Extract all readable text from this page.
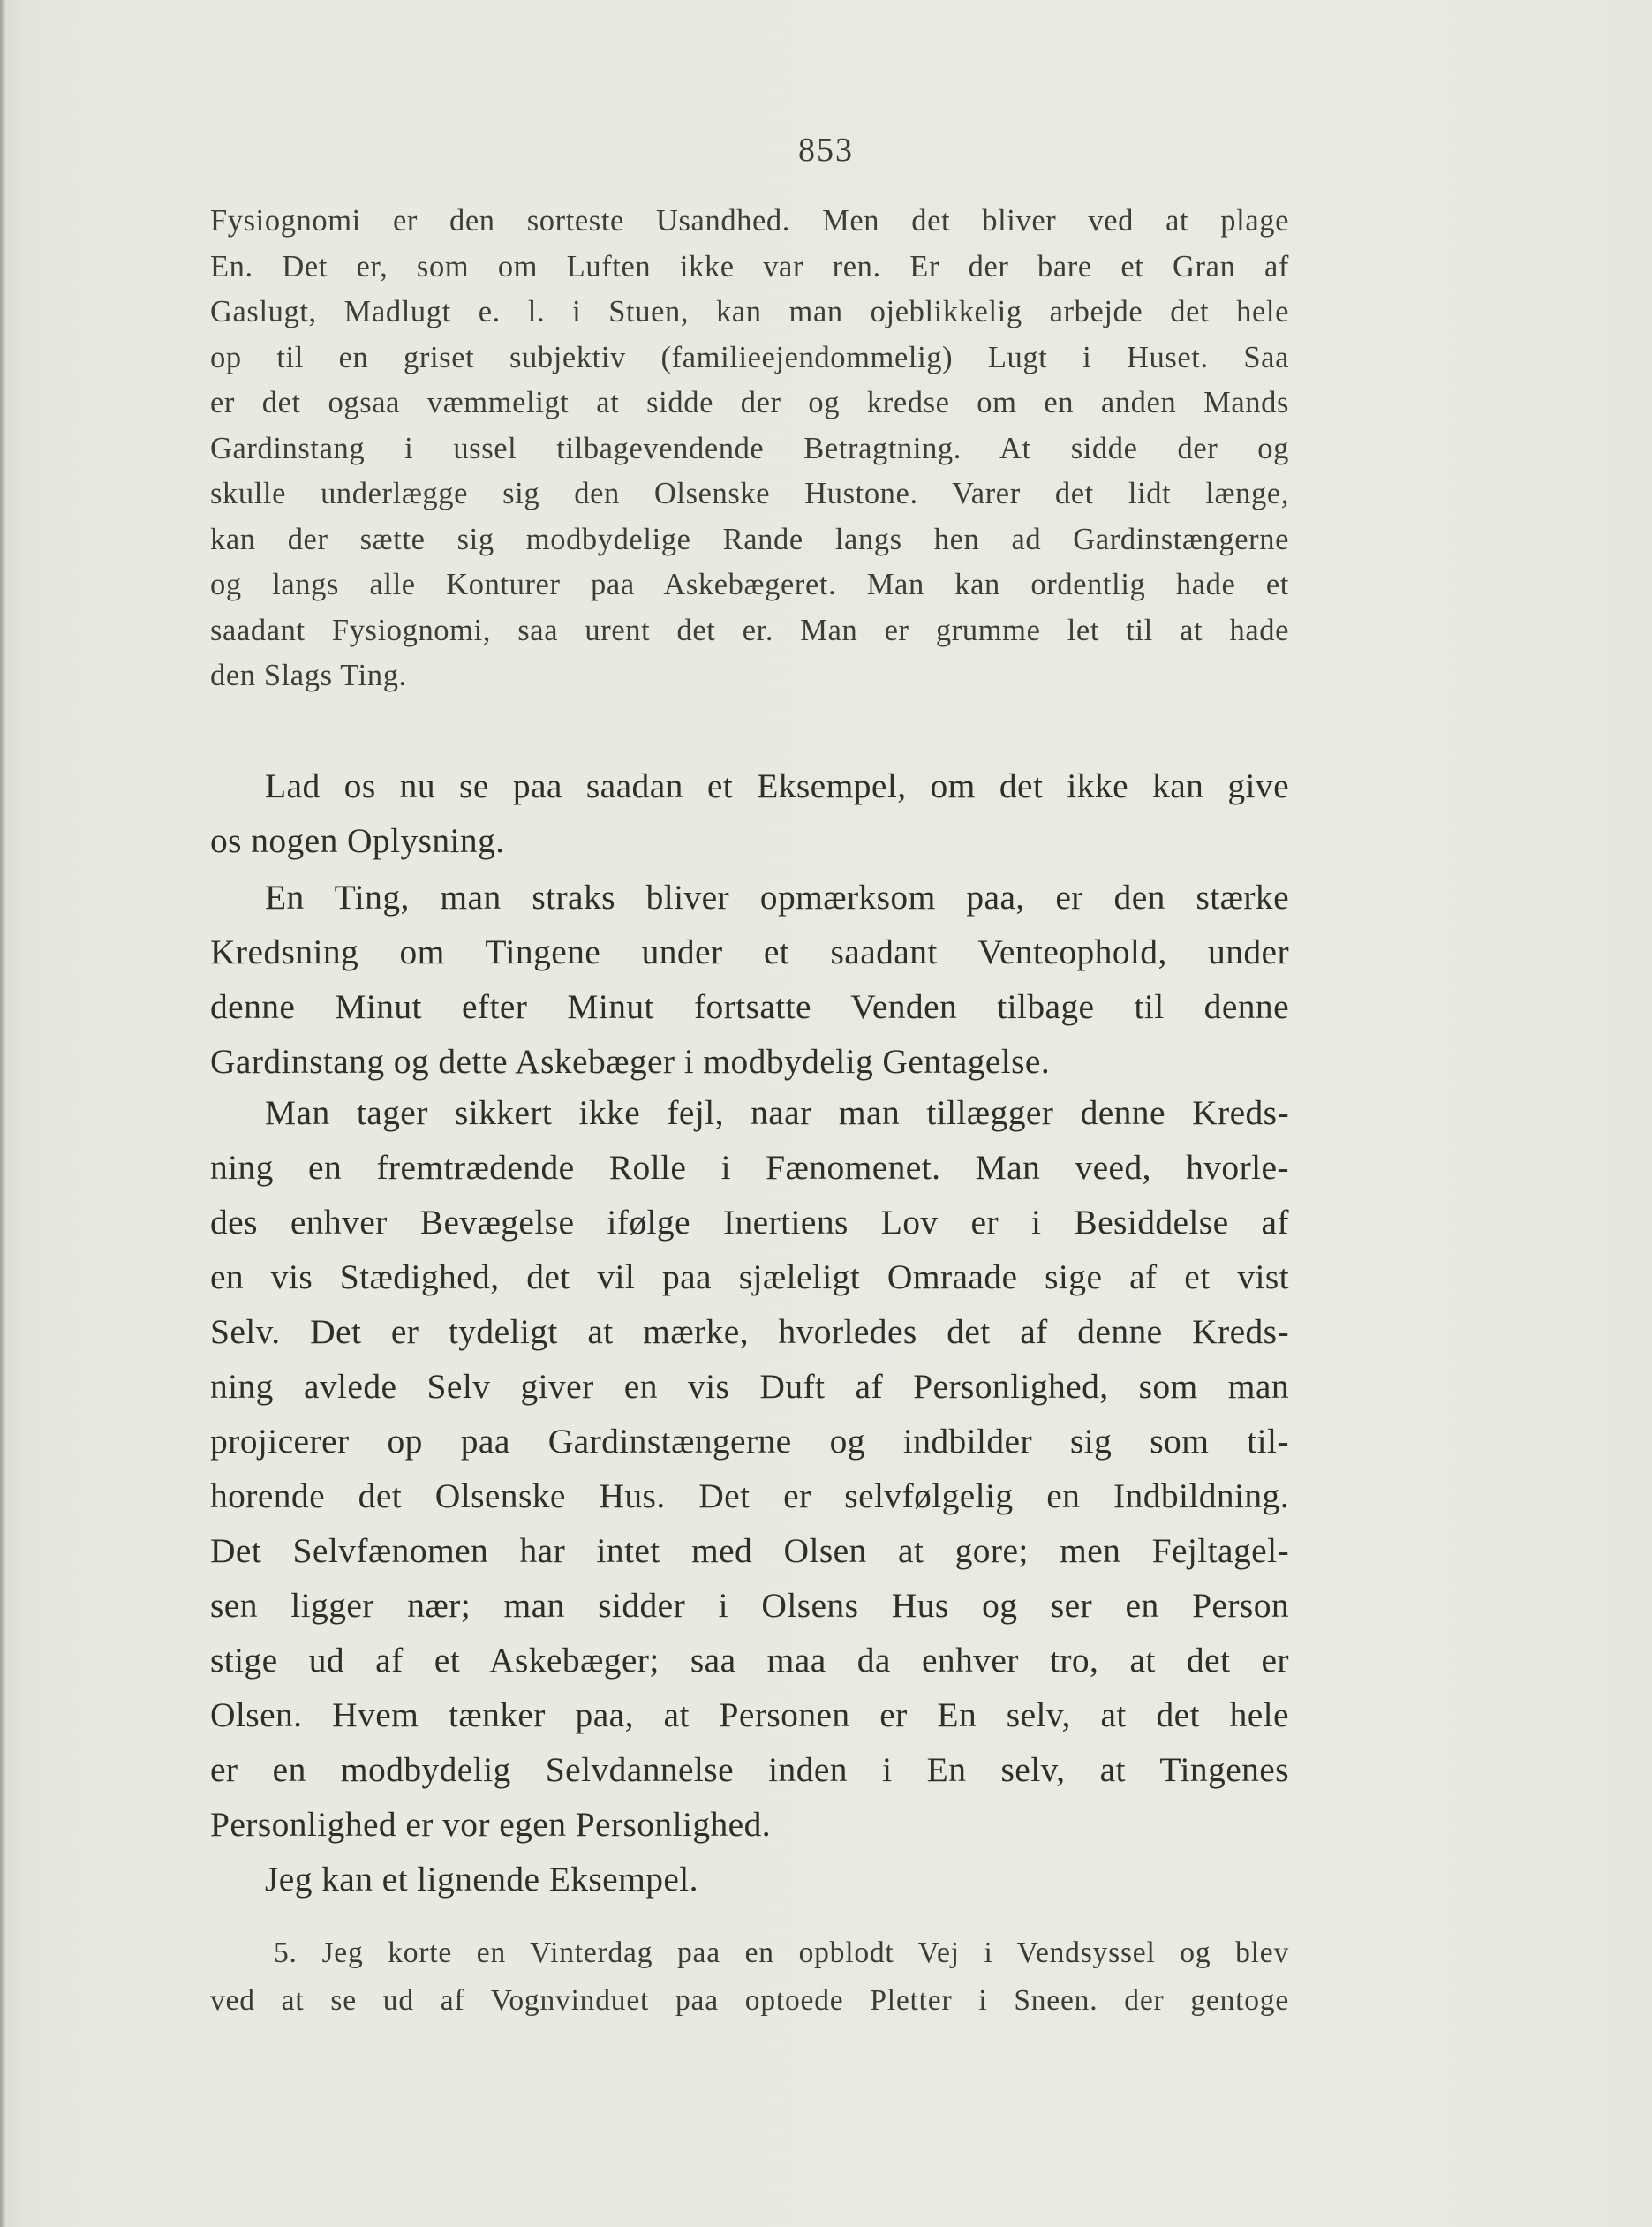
853
Fysiognomi er den sorteste Usandhed. Men det bliver ved at plage
En. Det er, som om Luften ikke var ren. Er der bare et Gran af
Gaslugt, Madlugt e. l. i Stuen, kan man ojeblikkelig arbejde det hele
op til en griset subjektiv (familieejendommelig) Lugt i Huset. Saa
er det ogsaa væmmeligt at sidde der og kredse om en anden Mands
Gardinstang i ussel tilbagevendende Betragtning. At sidde der og
skulle underlægge sig den Olsenske Hustone. Varer det lidt længe,
kan der sætte sig modbydelige Rande langs hen ad Gardinstængerne
og langs alle Konturer paa Askebægeret. Man kan ordentlig hade et
saadant Fysiognomi, saa urent det er. Man er grumme let til at hade
den Slags Ting.
Lad os nu se paa saadan et Eksempel, om det ikke kan give
os nogen Oplysning.
En Ting, man straks bliver opmærksom paa, er den stærke
Kredsning om Tingene under et saadant Venteophold, under
denne Minut efter Minut fortsatte Venden tilbage til denne
Gardinstang og dette Askebæger i modbydelig Gentagelse.
Man tager sikkert ikke fejl, naar man tillægger denne Kreds-
ning en fremtrædende Rolle i Fænomenet. Man veed, hvorle-
des enhver Bevægelse ifølge Inertiens Lov er i Besiddelse af
en vis Stædighed, det vil paa sjæleligt Omraade sige af et vist
Selv. Det er tydeligt at mærke, hvorledes det af denne Kreds-
ning avlede Selv giver en vis Duft af Personlighed, som man
projicerer op paa Gardinstængerne og indbilder sig som til-
horende det Olsenske Hus. Det er selvfølgelig en Indbildning.
Det Selvfænomen har intet med Olsen at gore; men Fejltagel-
sen ligger nær; man sidder i Olsens Hus og ser en Person
stige ud af et Askebæger; saa maa da enhver tro, at det er
Olsen. Hvem tænker paa, at Personen er En selv, at det hele
er en modbydelig Selvdannelse inden i En selv, at Tingenes
Personlighed er vor egen Personlighed.
Jeg kan et lignende Eksempel.
5. Jeg korte en Vinterdag paa en opblodt Vej i Vendsyssel og blev
ved at se ud af Vognvinduet paa optoede Pletter i Sneen. der gentoge
